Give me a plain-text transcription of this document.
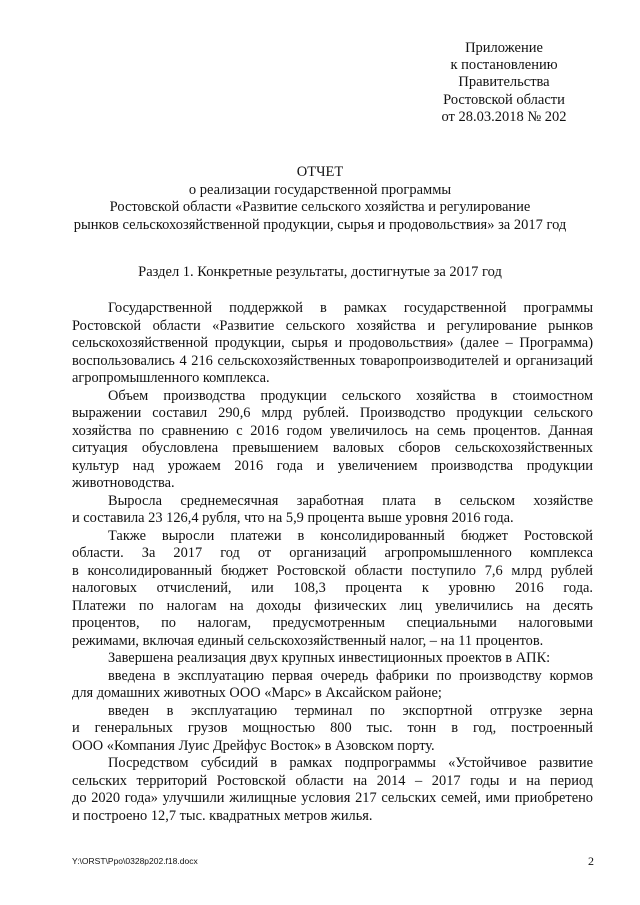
Приложение
к постановлению
Правительства
Ростовской области
от 28.03.2018 № 202
ОТЧЕТ
о реализации государственной программы
Ростовской области «Развитие сельского хозяйства и регулирование
рынков сельскохозяйственной продукции, сырья и продовольствия» за 2017 год
Раздел 1. Конкретные результаты, достигнутые за 2017 год
Государственной поддержкой в рамках государственной программы
Ростовской области «Развитие сельского хозяйства и регулирование рынков
сельскохозяйственной продукции, сырья и продовольствия» (далее – Программа)
воспользовались 4 216 сельскохозяйственных товаропроизводителей и организаций
агропромышленного комплекса.
Объем производства продукции сельского хозяйства в стоимостном
выражении составил 290,6 млрд рублей. Производство продукции сельского
хозяйства по сравнению с 2016 годом увеличилось на семь процентов. Данная
ситуация обусловлена превышением валовых сборов сельскохозяйственных
культур над урожаем 2016 года и увеличением производства продукции
животноводства.
Выросла среднемесячная заработная плата в сельском хозяйстве
и составила 23 126,4 рубля, что на 5,9 процента выше уровня 2016 года.
Также выросли платежи в консолидированный бюджет Ростовской
области. За 2017 год от организаций агропромышленного комплекса
в консолидированный бюджет Ростовской области поступило 7,6 млрд рублей
налоговых отчислений, или 108,3 процента к уровню 2016 года.
Платежи по налогам на доходы физических лиц увеличились на десять
процентов, по налогам, предусмотренным специальными налоговыми
режимами, включая единый сельскохозяйственный налог, – на 11 процентов.
Завершена реализация двух крупных инвестиционных проектов в АПК:
введена в эксплуатацию первая очередь фабрики по производству кормов
для домашних животных ООО «Марс» в Аксайском районе;
введен в эксплуатацию терминал по экспортной отгрузке зерна
и генеральных грузов мощностью 800 тыс. тонн в год, построенный
ООО «Компания Луис Дрейфус Восток» в Азовском порту.
Посредством субсидий в рамках подпрограммы «Устойчивое развитие
сельских территорий Ростовской области на 2014 – 2017 годы и на период
до 2020 года» улучшили жилищные условия 217 сельских семей, ими приобретено
и построено 12,7 тыс. квадратных метров жилья.
Y:\ORST\Ppo\0328p202.f18.docx	2
